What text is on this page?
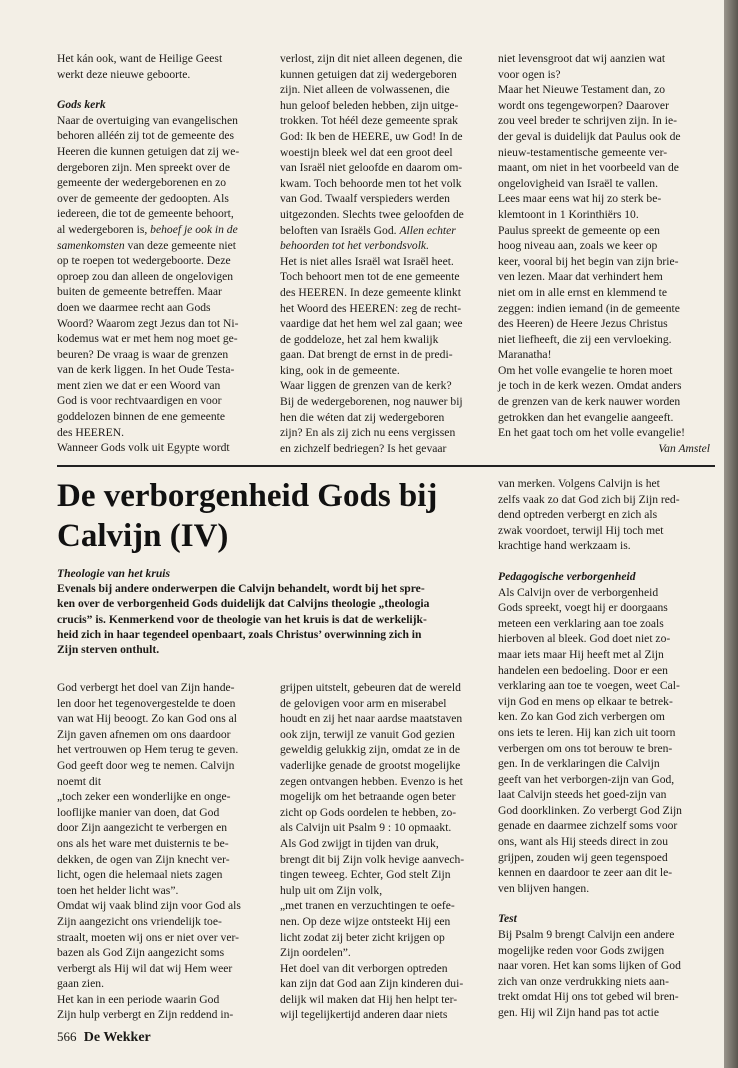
Het kán ook, want de Heilige Geest
werkt deze nieuwe geboorte.

Gods kerk

Naar de overtuiging van evangelischen
behoren alléén zij tot de gemeente des
Heeren die kunnen getuigen dat zij we-
dergeboren zijn. Men spreekt over de
gemeente der wedergeborenen en zo
over de gemeente der gedoopten. Als
iedereen, die tot de gemeente behoort,
al wedergeboren is, behoef je ook in de
samenkomsten van deze gemeente niet
op te roepen tot wedergeboorte. Deze
oproep zou dan alleen de ongelovigen
buiten de gemeente betreffen. Maar
doen we daarmee recht aan Gods
Woord? Waarom zegt Jezus dan tot Ni-
kodemus wat er met hem nog moet ge-
beuren? De vraag is waar de grenzen
van de kerk liggen. In het Oude Testa-
ment zien we dat er een Woord van
God is voor rechtvaardigen en voor
goddelozen binnen de ene gemeente
des HEEREN.
Wanneer Gods volk uit Egypte wordt

verlost, zijn dit niet alleen degenen, die
kunnen getuigen dat zij wedergeboren
zijn. Niet alleen de volwassenen, die
hun geloof beleden hebben, zijn uitge-
trokken. Tot héél deze gemeente sprak
God: Ik ben de HEERE, uw God! In de
woestijn bleek wel dat een groot deel
van Israël niet geloofde en daarom om-
kwam. Toch behoorde men tot het volk
van God. Twaalf verspieders werden
uitgezonden. Slechts twee geloofden de
beloften van Israëls God. Allen echter
behoorden tot het verbondsvolk.
Het is niet alles Israël wat Israël heet.
Toch behoort men tot de ene gemeente
des HEEREN. In deze gemeente klinkt
het Woord des HEEREN: zeg de recht-
vaardige dat het hem wel zal gaan; wee
de goddeloze, het zal hem kwalijk
gaan. Dat brengt de ernst in de predi-
king, ook in de gemeente.
Waar liggen de grenzen van de kerk?
Bij de wedergeborenen, nog nauwer bij
hen die wéten dat zij wedergeboren
zijn? En als zij zich nu eens vergissen
en zichzelf bedriegen? Is het gevaar

niet levensgroot dat wij aanzien wat
voor ogen is?
Maar het Nieuwe Testament dan, zo
wordt ons tegengeworpen? Daarover
zou veel breder te schrijven zijn. In ie-
der geval is duidelijk dat Paulus ook de
nieuw-testamentische gemeente ver-
maant, om niet in het voorbeeld van de
ongelovigheid van Israël te vallen.
Lees maar eens wat hij zo sterk be-
klemtoont in 1 Korinthiërs 10.
Paulus spreekt de gemeente op een
hoog niveau aan, zoals we keer op
keer, vooral bij het begin van zijn brie-
ven lezen. Maar dat verhindert hem
niet om in alle ernst en klemmend te
zeggen: indien iemand (in de gemeente
des Heeren) de Heere Jezus Christus
niet liefheeft, die zij een vervloeking.
Maranatha!
Om het volle evangelie te horen moet
je toch in de kerk wezen. Omdat anders
de grenzen van de kerk nauwer worden
getrokken dan het evangelie aangeeft.
En het gaat toch om het volle evangelie!

Van Amstel

De verborgenheid Gods bij Calvijn (IV)

Theologie van het kruis

Evenals bij andere onderwerpen die Calvijn behandelt, wordt bij het spre-
ken over de verborgenheid Gods duidelijk dat Calvijns theologie „theologia
crucis” is. Kenmerkend voor de theologie van het kruis is dat de werkelijk-
heid zich in haar tegendeel openbaart, zoals Christus’ overwinning zich in
Zijn sterven onthult.

God verbergt het doel van Zijn hande-
len door het tegenovergestelde te doen
van wat Hij beoogt. Zo kan God ons al
Zijn gaven afnemen om ons daardoor
het vertrouwen op Hem terug te geven.
God geeft door weg te nemen. Calvijn
noemt dit
„toch zeker een wonderlijke en onge-
looflijke manier van doen, dat God
door Zijn aangezicht te verbergen en
ons als het ware met duisternis te be-
dekken, de ogen van Zijn knecht ver-
licht, ogen die helemaal niets zagen
toen het helder licht was”.
Omdat wij vaak blind zijn voor God als
Zijn aangezicht ons vriendelijk toe-
straalt, moeten wij ons er niet over ver-
bazen als God Zijn aangezicht soms
verbergt als Hij wil dat wij Hem weer
gaan zien.
Het kan in een periode waarin God
Zijn hulp verbergt en Zijn reddend in-

grijpen uitstelt, gebeuren dat de wereld
de gelovigen voor arm en miserabel
houdt en zij het naar aardse maatstaven
ook zijn, terwijl ze vanuit God gezien
geweldig gelukkig zijn, omdat ze in de
vaderlijke genade de grootst mogelijke
zegen ontvangen hebben. Evenzo is het
mogelijk om het betraande ogen beter
zicht op Gods oordelen te hebben, zo-
als Calvijn uit Psalm 9 : 10 opmaakt.
Als God zwijgt in tijden van druk,
brengt dit bij Zijn volk hevige aanvech-
tingen teweeg. Echter, God stelt Zijn
hulp uit om Zijn volk,
„met tranen en verzuchtingen te oefe-
nen. Op deze wijze ontsteekt Hij een
licht zodat zij beter zicht krijgen op
Zijn oordelen”.
Het doel van dit verborgen optreden
kan zijn dat God aan Zijn kinderen dui-
delijk wil maken dat Hij hen helpt ter-
wijl tegelijkertijd anderen daar niets

van merken. Volgens Calvijn is het
zelfs vaak zo dat God zich bij Zijn red-
dend optreden verbergt en zich als
zwak voordoet, terwijl Hij toch met
krachtige hand werkzaam is.

Pedagogische verborgenheid

Als Calvijn over de verborgenheid
Gods spreekt, voegt hij er doorgaans
meteen een verklaring aan toe zoals
hierboven al bleek. God doet niet zo-
maar iets maar Hij heeft met al Zijn
handelen een bedoeling. Door er een
verklaring aan toe te voegen, weet Cal-
vijn God en mens op elkaar te betrek-
ken. Zo kan God zich verbergen om
ons iets te leren. Hij kan zich uit toorn
verbergen om ons tot berouw te bren-
gen. In de verklaringen die Calvijn
geeft van het verborgen-zijn van God,
laat Calvijn steeds het goed-zijn van
God doorklinken. Zo verbergt God Zijn
genade en daarmee zichzelf soms voor
ons, want als Hij steeds direct in zou
grijpen, zouden wij geen tegenspoed
kennen en daardoor te zeer aan dit le-
ven blijven hangen.

Test

Bij Psalm 9 brengt Calvijn een andere
mogelijke reden voor Gods zwijgen
naar voren. Het kan soms lijken of God
zich van onze verdrukking niets aan-
trekt omdat Hij ons tot gebed wil bren-
gen. Hij wil Zijn hand pas tot actie

566 De Wekker
